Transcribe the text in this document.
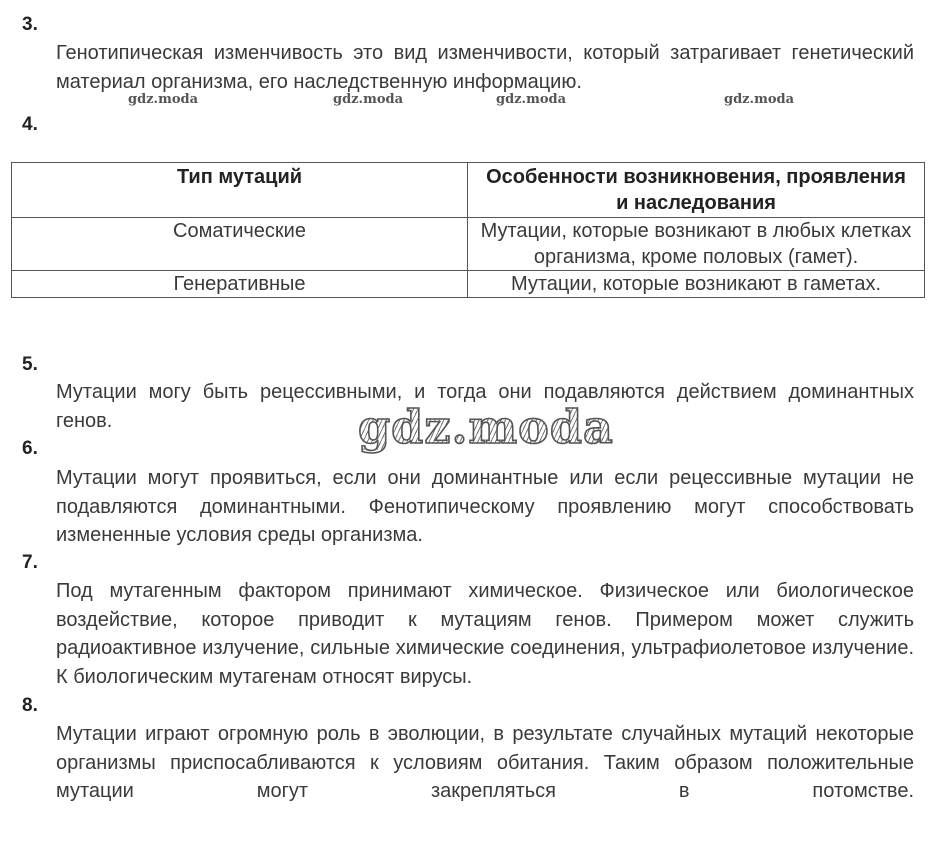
3.
Генотипическая изменчивость это вид изменчивости, который затрагивает генетический материал организма, его наследственную информацию.
gdz.moda	gdz.moda	gdz.moda	gdz.moda
4.
Тип мутаций	Особенности возникновения, проявления и наследования
Соматические	Мутации, которые возникают в любых клетках организма, кроме половых (гамет).
Генеративные	Мутации, которые возникают в гаметах.
5.
Мутации могу быть рецессивными, и тогда они подавляются действием доминантных генов.	gdz.moda
6.
Мутации могут проявиться, если они доминантные или если рецессивные мутации не подавляются доминантными. Фенотипическому проявлению могут способствовать измененные условия среды организма.
7.
Под мутагенным фактором принимают химическое. Физическое или биологическое воздействие, которое приводит к мутациям генов. Примером может служить радиоактивное излучение, сильные химические соединения, ультрафиолетовое излучение. К биологическим мутагенам относят вирусы.
8.
Мутации играют огромную роль в эволюции, в результате случайных мутаций некоторые организмы приспосабливаются к условиям обитания. Таким образом положительные мутации могут закрепляться в потомстве.
